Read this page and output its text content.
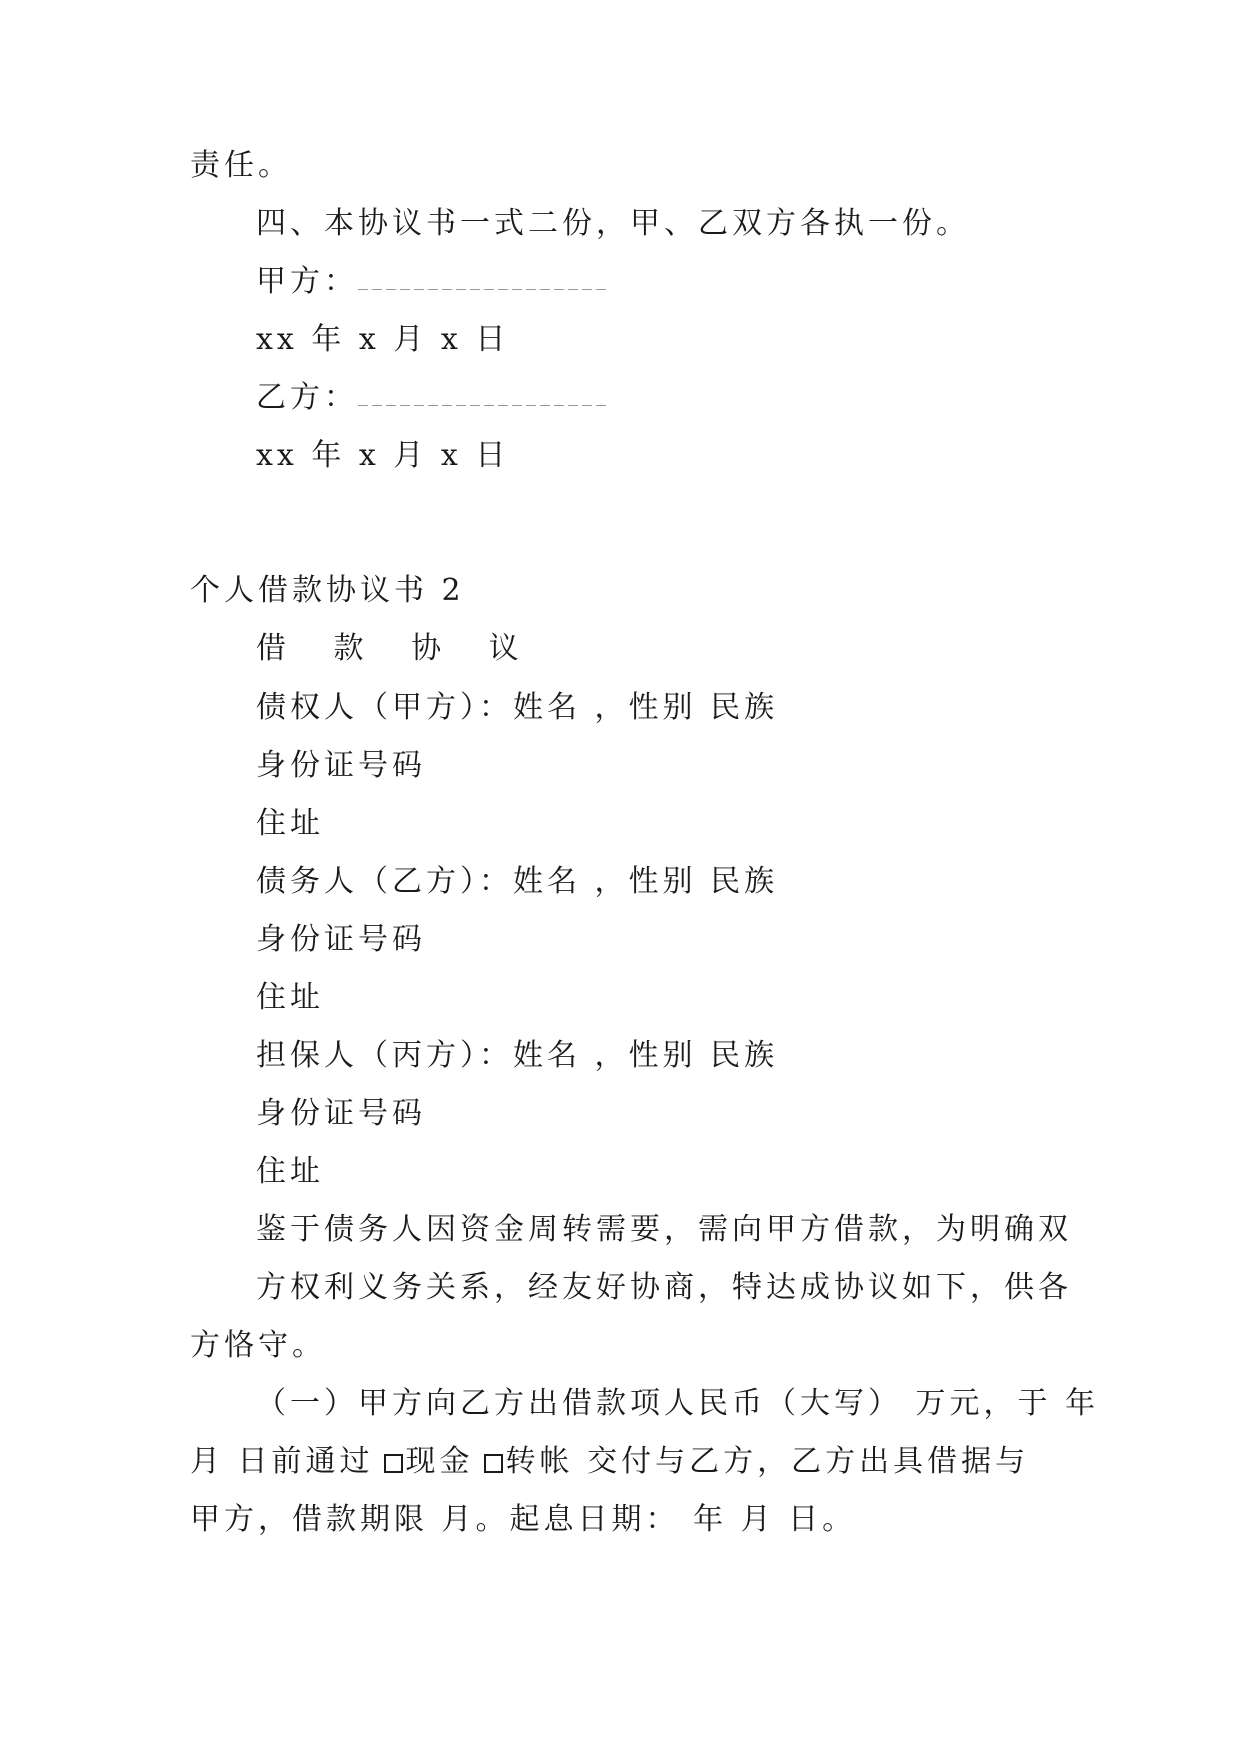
责任。
四、本协议书一式二份，甲、乙双方各执一份。
甲方：
xx 年 x 月 x 日
乙方：
xx 年 x 月 x 日
个人借款协议书 2
借 款 协 议
债权人（甲方）：姓名 ，性别 民族
身份证号码
住址
债务人（乙方）：姓名 ，性别 民族
身份证号码
住址
担保人（丙方）：姓名 ，性别 民族
身份证号码
住址
鉴于债务人因资金周转需要，需向甲方借款，为明确双
方权利义务关系，经友好协商，特达成协议如下，供各
方恪守。
（一）甲方向乙方出借款项人民币（大写） 万元，于 年
月 日前通过 现金 转帐 交付与乙方，乙方出具借据与
甲方，借款期限 月。起息日期： 年 月 日。
